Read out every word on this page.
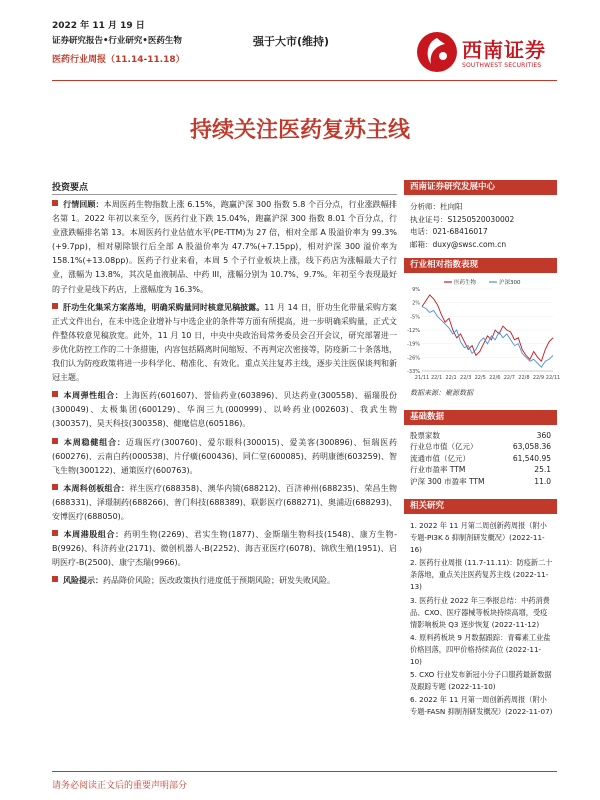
2022 年 11 月 19 日
证券研究报告•行业研究•医药生物
医药行业周报（11.14-11.18）
强于大市(维持)	西南证券
SOUTHWEST SECURITIES
持续关注医药复苏主线
投资要点
行情回顾：本周医药生物指数上涨 6.15%，跑赢沪深 300 指数 5.8 个百分点，行业涨跌幅排名第 1。2022 年初以来至今，医药行业下跌 15.04%，跑赢沪深 300 指数 8.01 个百分点，行业涨跌幅排名第 13。本周医药行业估值水平(PE-TTM)为 27 倍，相对全部 A 股溢价率为 99.3%(+9.7pp)，相对剔除银行后全部 A 股溢价率为 47.7%(+7.15pp)，相对沪深 300 溢价率为 158.1%(+13.08pp)。医药子行业来看，本周 5 个子行业板块上涨，线下药店为涨幅最大子行业，涨幅为 13.8%，其次是血液制品、中药 III，涨幅分别为 10.7%、9.7%。年初至今表现最好的子行业是线下药店，上涨幅度为 16.3%。
肝功生化集采方案落地，明确采购量同时核意见稿披露。11 月 14 日，肝功生化带量采购方案正式文件出台，在未中选企业增补与中选企业的条件等方面有所提高，进一步明确采购量，正式文件整体较意见稿放宽。此外，11 月 10 日，中央中央政治局常务委员会召开会议，研究部署进一步优化防控工作的二十条措施，内容包括隔离时间缩短、不再判定次密接等，防疫新二十条落地，我们认为防疫政策将进一步科学化、精准化、有效化。重点关注复苏主线，逐步关注医保谈判和新冠主题。
本周弹性组合：上海医药(601607)、誉仙药业(603896)、贝达药业(300558)、福瑞股份(300049)、太极集团(600129)、华润三九(000999)、以岭药业(002603)、我武生物(300357)、昊天科技(300358)、健麾信息(605186)。
本周稳健组合：迈瑞医疗(300760)、爱尔眼科(300015)、爱美客(300896)、恒瑞医药(600276)、云南白药(000538)、片仔癀(600436)、同仁堂(600085)、药明康德(603259)、智飞生物(300122)、通策医疗(600763)。
本周科创板组合：祥生医疗(688358)、澳华内镜(688212)、百济神州(688235)、荣昌生物(688331)、泽璟制药(688266)、普门科技(688389)、联影医疗(688271)、奥浦迈(688293)、安博医疗(688050)。
本周港股组合：药明生物(2269)、君实生物(1877)、金斯瑞生物科技(1548)、康方生物-B(9926)、科济药业(2171)、微创机器人-B(2252)、海吉亚医疗(6078)、锦欣生殖(1951)、启明医疗-B(2500)、康宁杰瑞(9966)。
风险提示：药品降价风险；医改政策执行进度低于预期风险；研发失败风险。
西南证券研究发展中心
分析师：杜向阳
执业证号：S1250520030002
电话：021-68416017
邮箱：duxy@swsc.com.cn
行业相对指数表现
9%
2%
-5%
-12%
-19%
-26%
-33%
21/11 22/1 22/1 22/3 22/5 22/6 22/7 22/8 22/9 22/11
医药生物	沪深300
数据来源：聚源数据
基础数据
股票家数	360
行业总市值（亿元）	63,058.36
流通市值（亿元）	61,540.95
行业市盈率 TTM	25.1
沪深 300 市盈率 TTM	11.0
相关研究
1. 2022 年 11 月第二周创新药周报（附小专题-PI3K δ 抑制剂研发概况）(2022-11-16)
2. 医药行业周报 (11.7-11.11)：防疫新二十条落地，重点关注医药复苏主线 (2022-11-13)
3. 医药行业 2022 年三季报总结：中药消费品、CXO、医疗器械等板块持续高增，受疫情影响板块 Q3 逐步恢复 (2022-11-12)
4. 原料药板块 9 月数据跟踪：青霉素工业盐价格回落，四甲价格持续高位 (2022-11-10)
5. CXO 行业发布新冠小分子口服药最新数据及跟踪专题 (2022-11-10)
6. 2022 年 11 月第一周创新药周报（附小专题-FASN 抑制剂研发概况）(2022-11-07)
请务必阅读正文后的重要声明部分
